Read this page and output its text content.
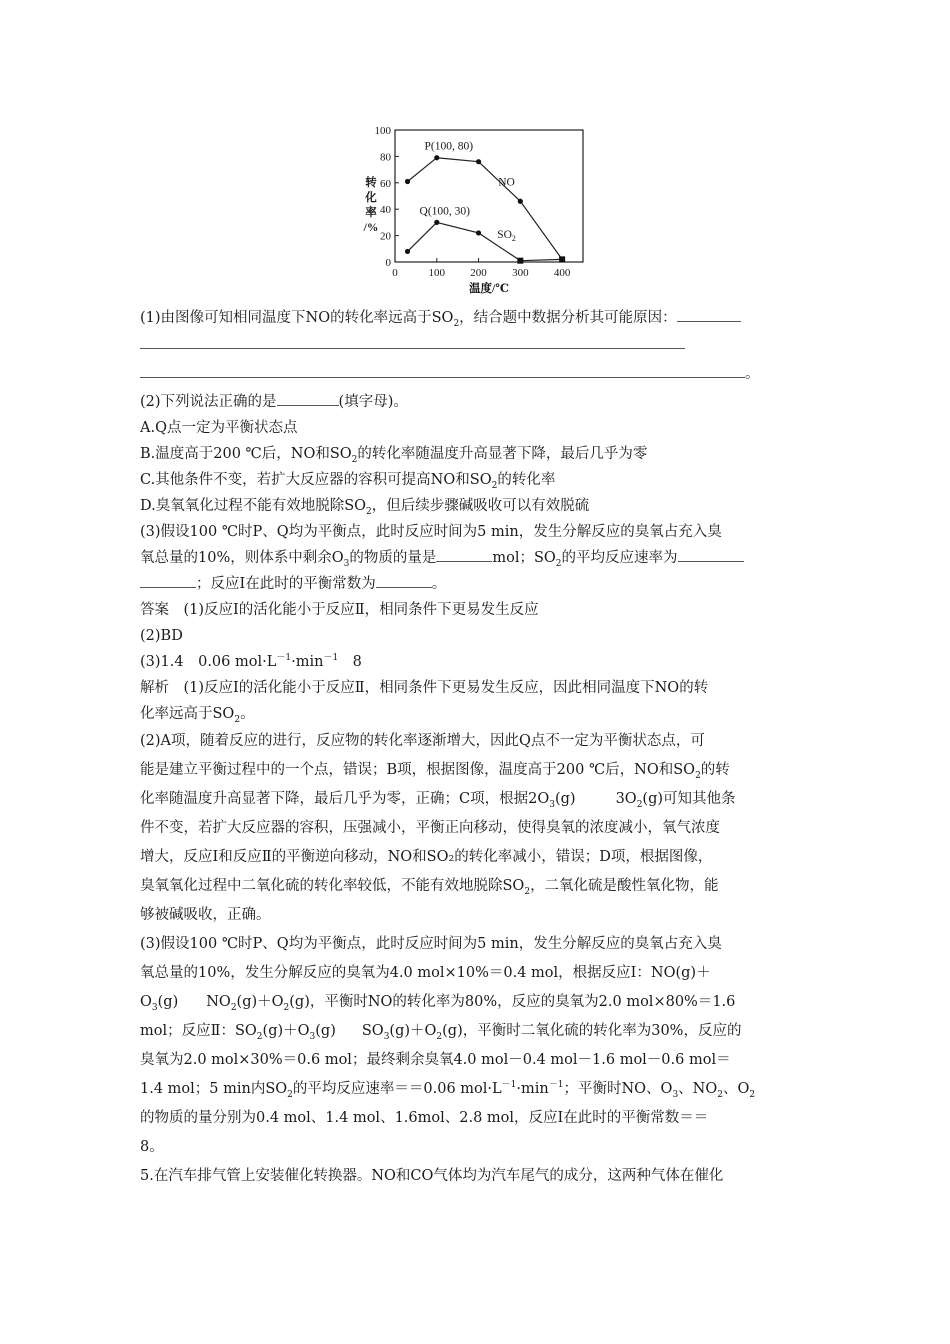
0
20
40
60
80
100
0	100 200 300 400
温度/℃
转
化
率
/%
NO
$SO_2$
P(100, 80)
Q(100, 30)
(1)由图像可知相同温度下NO的转化率远高于$SO_2$，结合题中数据分析其可能原因：
。
(2)下列说法正确的是	(填字母)。
A.Q点一定为平衡状态点
B.温度高于200 ℃后，NO和$SO_2$的转化率随温度升高显著下降，最后几乎为零
C.其他条件不变，若扩大反应器的容积可提高NO和$SO_2$的转化率
D.臭氧氧化过程不能有效地脱除$SO_2$，但后续步骤碱吸收可以有效脱硫
(3)假设100 ℃时P、Q均为平衡点，此时反应时间为5 min，发生分解反应的臭氧占充入臭
氧总量的10%，则体系中剩余$O_3$的物质的量是	mol；$SO_2$的平均反应速率为
；反应Ⅰ在此时的平衡常数为	。
答案　 (1)反应Ⅰ的活化能小于反应Ⅱ，相同条件下更易发生反应
(2)BD
(3)1.4　0.06 $mol\cdot L^{-1}\cdot\min^{-1}$　8
解析　 (1)反应Ⅰ的活化能小于反应Ⅱ，相同条件下更易发生反应，因此相同温度下NO的转
化率远高于$SO_2$。
(2)A项，随着反应的进行，反应物的转化率逐渐增大，因此Q点不一定为平衡状态点，可
能是建立平衡过程中的一个点，错误；B项，根据图像，温度高于200 ℃后，NO和$SO_2$的转
化率随温度升高显著下降，最后几乎为零，正确；C项，根据$2O_3(g)$	$3O_2(g)$可知其他条
件不变，若扩大反应器的容积，压强减小，平衡正向移动，使得臭氧的浓度减小，氧气浓度
增大，反应Ⅰ和反应Ⅱ的平衡逆向移动，NO和SO₂的转化率减小，错误；D项，根据图像，
臭氧氧化过程中二氧化硫的转化率较低，不能有效地脱除$SO_2$，二氧化硫是酸性氧化物，能
够被碱吸收，正确。
(3)假设100 ℃时P、Q均为平衡点，此时反应时间为5 min，发生分解反应的臭氧占充入臭
氧总量的10%，发生分解反应的臭氧为4.0 mol×10%＝0.4 mol，根据反应Ⅰ：NO(g)＋
$O_3(g)$ $NO_2(g)+O_2(g)$，平衡时NO的转化率为80%，反应的臭氧为2.0 mol×80%＝1.6
mol；反应Ⅱ：$SO_2(g)+O_3(g)$ $SO_3(g)+O_2(g)$，平衡时二氧化硫的转化率为30%，反应的
臭氧为2.0 mol×30%＝0.6 mol；最终剩余臭氧4.0 mol－0.4 mol－1.6 mol－0.6 mol＝
1.4 mol；5 min内$SO_2$的平均反应速率＝＝0.06 $mol\cdot L^{-1}\cdot\min^{-1}$；平衡时NO、$O_3$、$NO_2$、$O_2$
的物质的量分别为0.4 mol、1.4 mol、1.6mol、2.8 mol，反应Ⅰ在此时的平衡常数＝＝
8。
5.在汽车排气管上安装催化转换器。NO和CO气体均为汽车尾气的成分，这两种气体在催化
